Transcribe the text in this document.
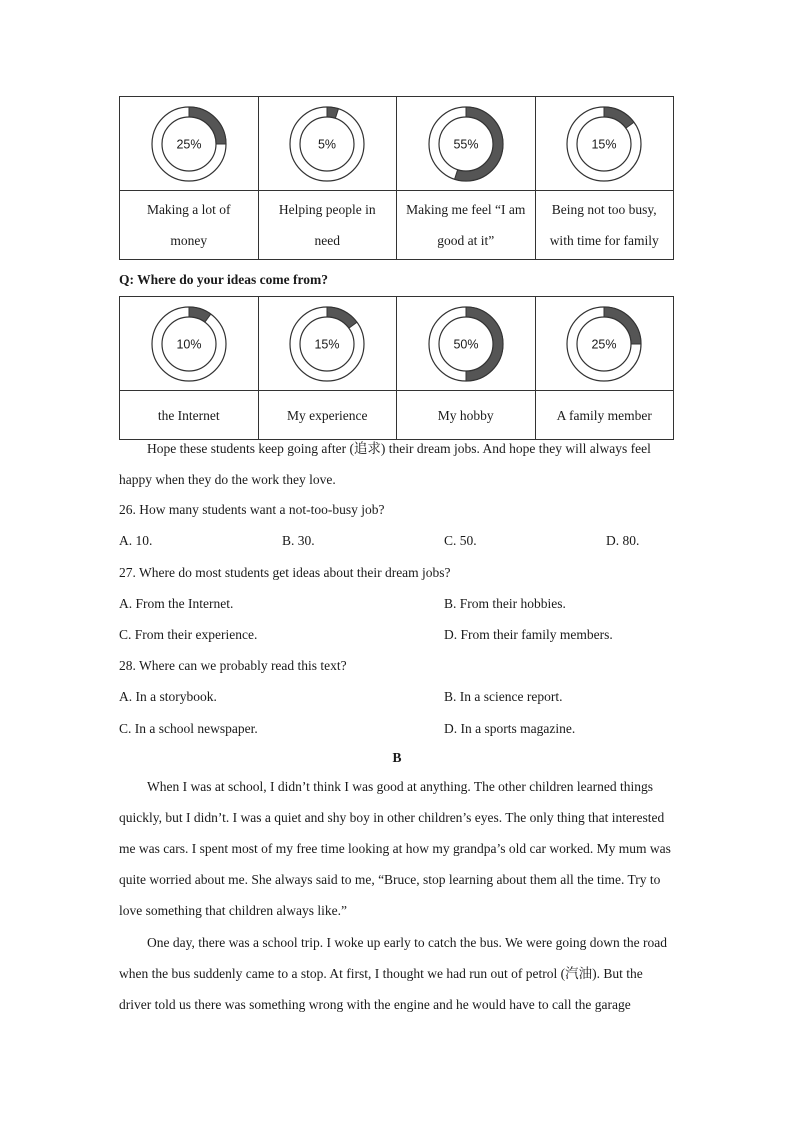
25%	5%	55%	15%

Making a lot of money	Helping people in need	Making me feel “I am good at it”	Being not too busy, with time for family
Q: Where do your ideas come from?
10%	15%	50%	25%

the Internet	My experience	My hobby	A family member

Hope these students keep going after (追求) their dream jobs. And hope they will always feel happy when they do the work they love.

26. How many students want a not-too-busy job?
A. 10.	B. 30.	C. 50.	D. 80.
27. Where do most students get ideas about their dream jobs?
A. From the Internet.	B. From their hobbies.
C. From their experience.	D. From their family members.
28. Where can we probably read this text?
A. In a storybook.	B. In a science report.
C. In a school newspaper.	D. In a sports magazine.
B

When I was at school, I didn’t think I was good at anything. The other children learned things quickly, but I didn’t. I was a quiet and shy boy in other children’s eyes. The only thing that interested me was cars. I spent most of my free time looking at how my grandpa’s old car worked. My mum was quite worried about me. She always said to me, “Bruce, stop learning about them all the time. Try to love something that children always like.”

One day, there was a school trip. I woke up early to catch the bus. We were going down the road when the bus suddenly came to a stop. At first, I thought we had run out of petrol (汽油). But the driver told us there was something wrong with the engine and he would have to call the garage
